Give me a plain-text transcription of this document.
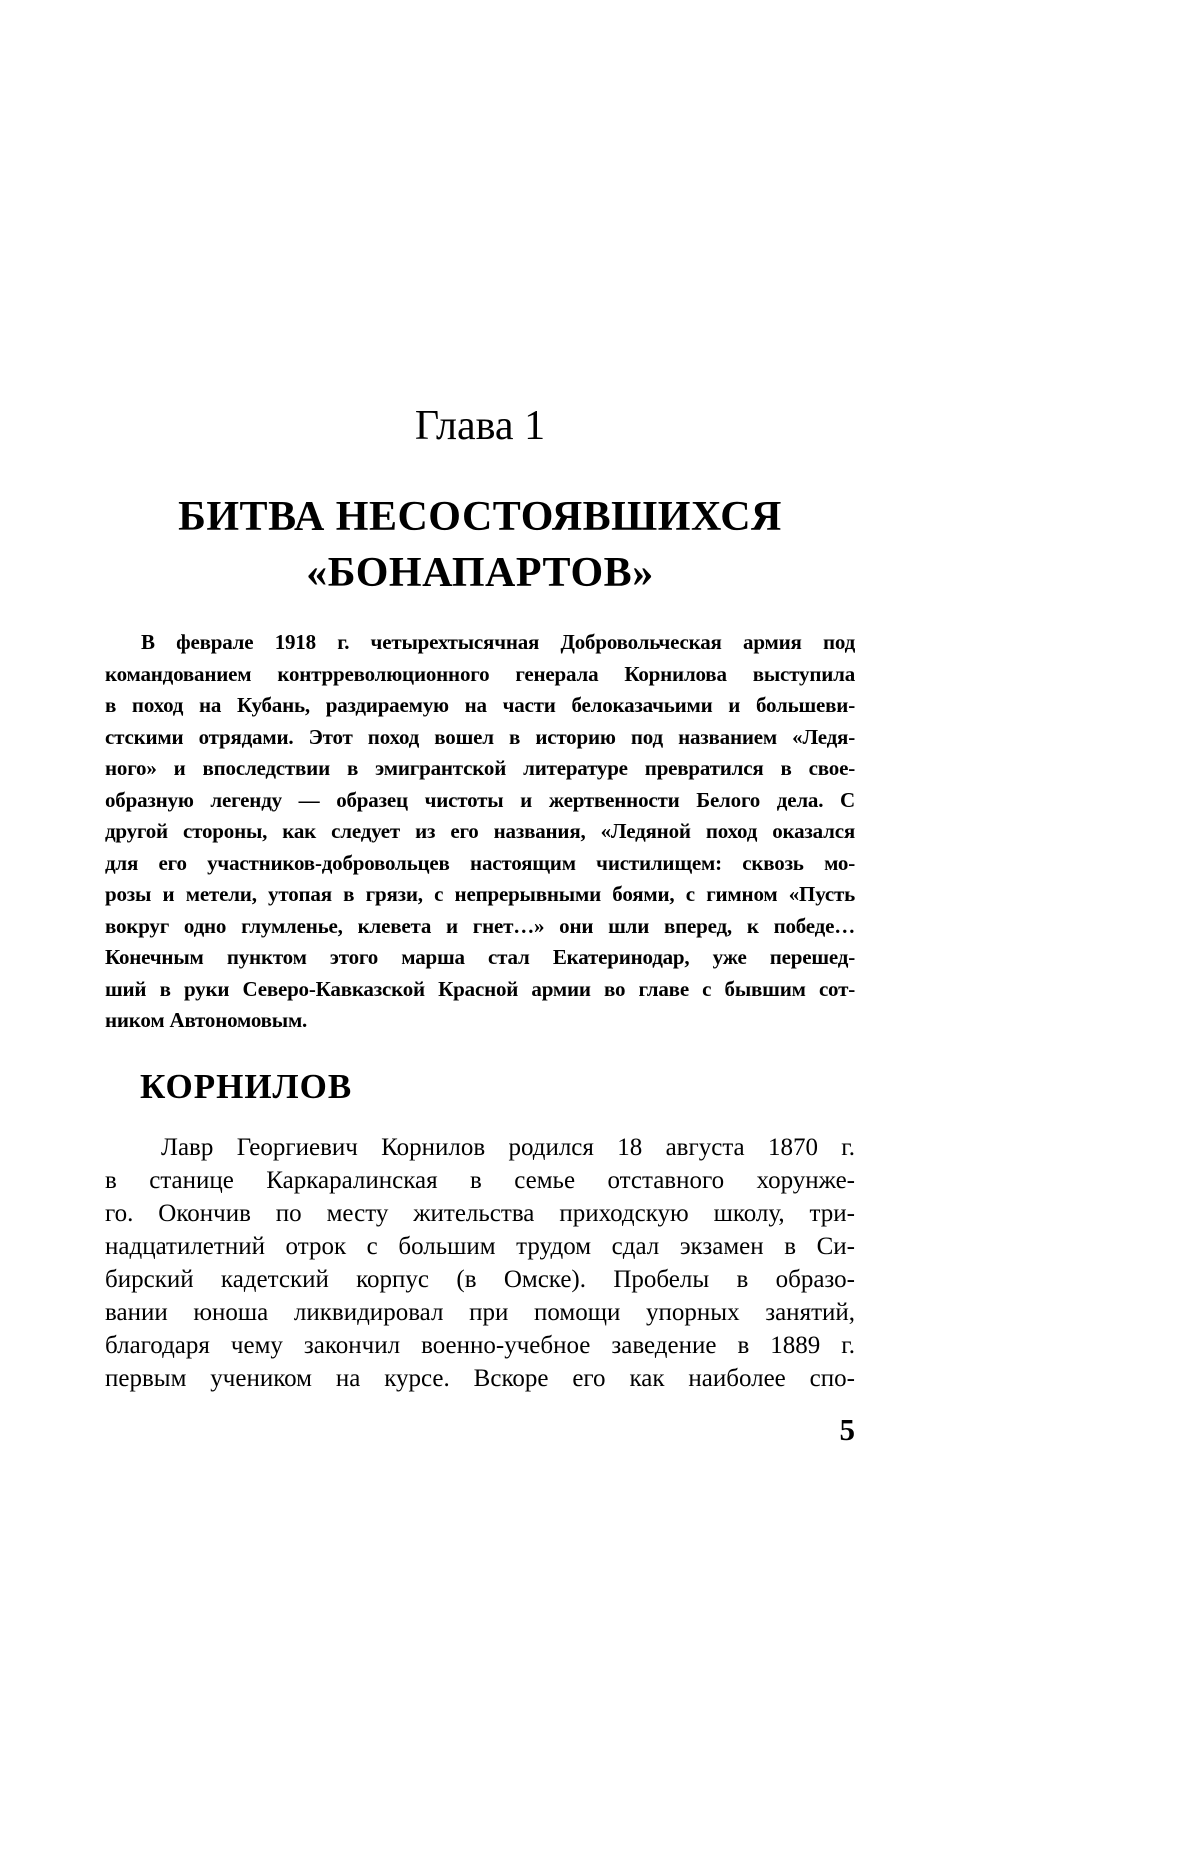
Глава 1
БИТВА НЕСОСТОЯВШИХСЯ
«БОНАПАРТОВ»
В феврале 1918 г. четырехтысячная Добровольческая армия под
командованием контрреволюционного генерала Корнилова выступила
в поход на Кубань, раздираемую на части белоказачьими и большеви-
стскими отрядами. Этот поход вошел в историю под названием «Ледя-
ного» и впоследствии в эмигрантской литературе превратился в свое-
образную легенду — образец чистоты и жертвенности Белого дела. С
другой стороны, как следует из его названия, «Ледяной поход оказался
для его участников-добровольцев настоящим чистилищем: сквозь мо-
розы и метели, утопая в грязи, с непрерывными боями, с гимном «Пусть
вокруг одно глумленье, клевета и гнет…» они шли вперед, к победе…
Конечным пунктом этого марша стал Екатеринодар, уже перешед-
ший в руки Северо-Кавказской Красной армии во главе с бывшим сот-
ником Автономовым.
КОРНИЛОВ
Лавр Георгиевич Корнилов родился 18 августа 1870 г.
в станице Каркаралинская в семье отставного хорунже-
го. Окончив по месту жительства приходскую школу, три-
надцатилетний отрок с большим трудом сдал экзамен в Си-
бирский кадетский корпус (в Омске). Пробелы в образо-
вании юноша ликвидировал при помощи упорных занятий,
благодаря чему закончил военно-учебное заведение в 1889 г.
первым учеником на курсе. Вскоре его как наиболее спо-
5
